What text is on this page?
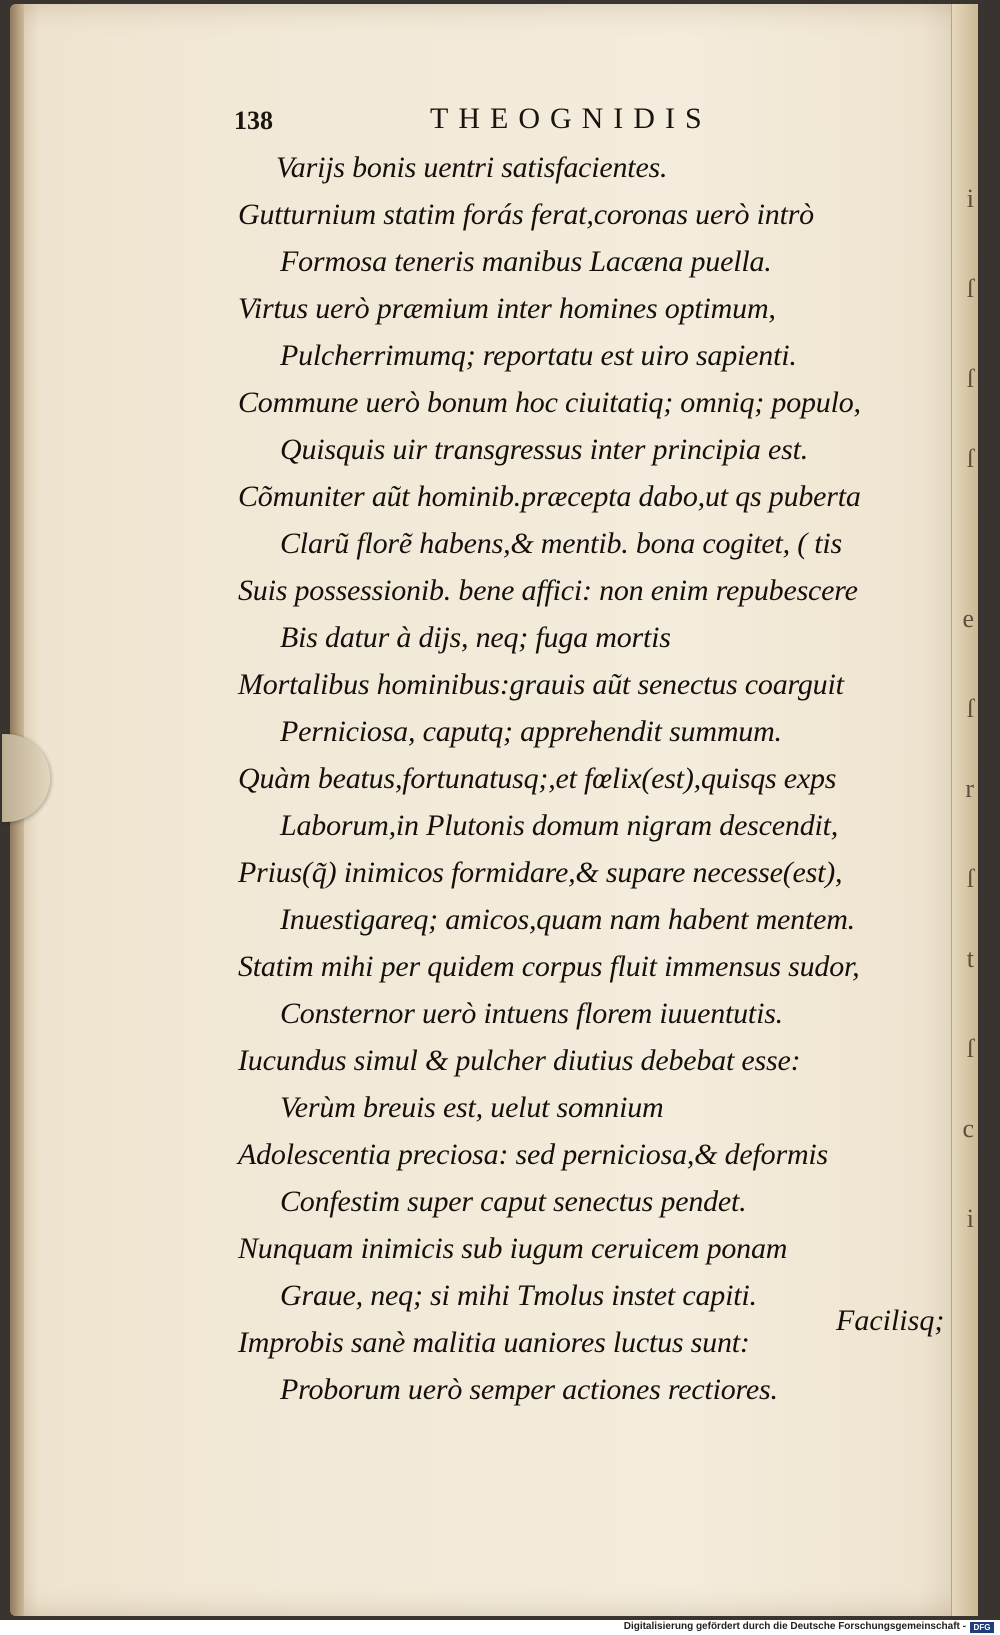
i
ſ
ſ
ſ
e
ſ
r
ſ
t
ſ
c
i
138	THEOGNIDIS
Varijs bonis uentri satisfacientes.
Gutturnium statim forás ferat,coronas uerò intrò
Formosa teneris manibus Lacæna puella.
Virtus uerò præmium inter homines optimum,
Pulcherrimumq; reportatu est uiro sapienti.
Commune uerò bonum hoc ciuitatiq; omniq; populo,
Quisquis uir transgressus inter principia est.
Cõmuniter aũt hominib.præcepta dabo,ut qs puberta
Clarũ florẽ habens,& mentib. bona cogitet, ( tis
Suis possessionib. bene affici: non enim repubescere
Bis datur à dijs, neq; fuga mortis
Mortalibus hominibus:grauis aũt senectus coarguit
Perniciosa, caputq; apprehendit summum.
Quàm beatus,fortunatusq;,et fœlix(est),quisqs exps
Laborum,in Plutonis domum nigram descendit,
Prius(q̃) inimicos formidare,& supare necesse(est),
Inuestigareq; amicos,quam nam habent mentem.
Statim mihi per quidem corpus fluit immensus sudor,
Consternor uerò intuens florem iuuentutis.
Iucundus simul & pulcher diutius debebat esse:
Verùm breuis est, uelut somnium
Adolescentia preciosa: sed perniciosa,& deformis
Confestim super caput senectus pendet.
Nunquam inimicis sub iugum ceruicem ponam
Graue, neq; si mihi Tmolus instet capiti.
Improbis sanè malitia uaniores luctus sunt:
Proborum uerò semper actiones rectiores.
Facilisq;
Digitalisierung gefördert durch die Deutsche Forschungsgemeinschaft - DFG
